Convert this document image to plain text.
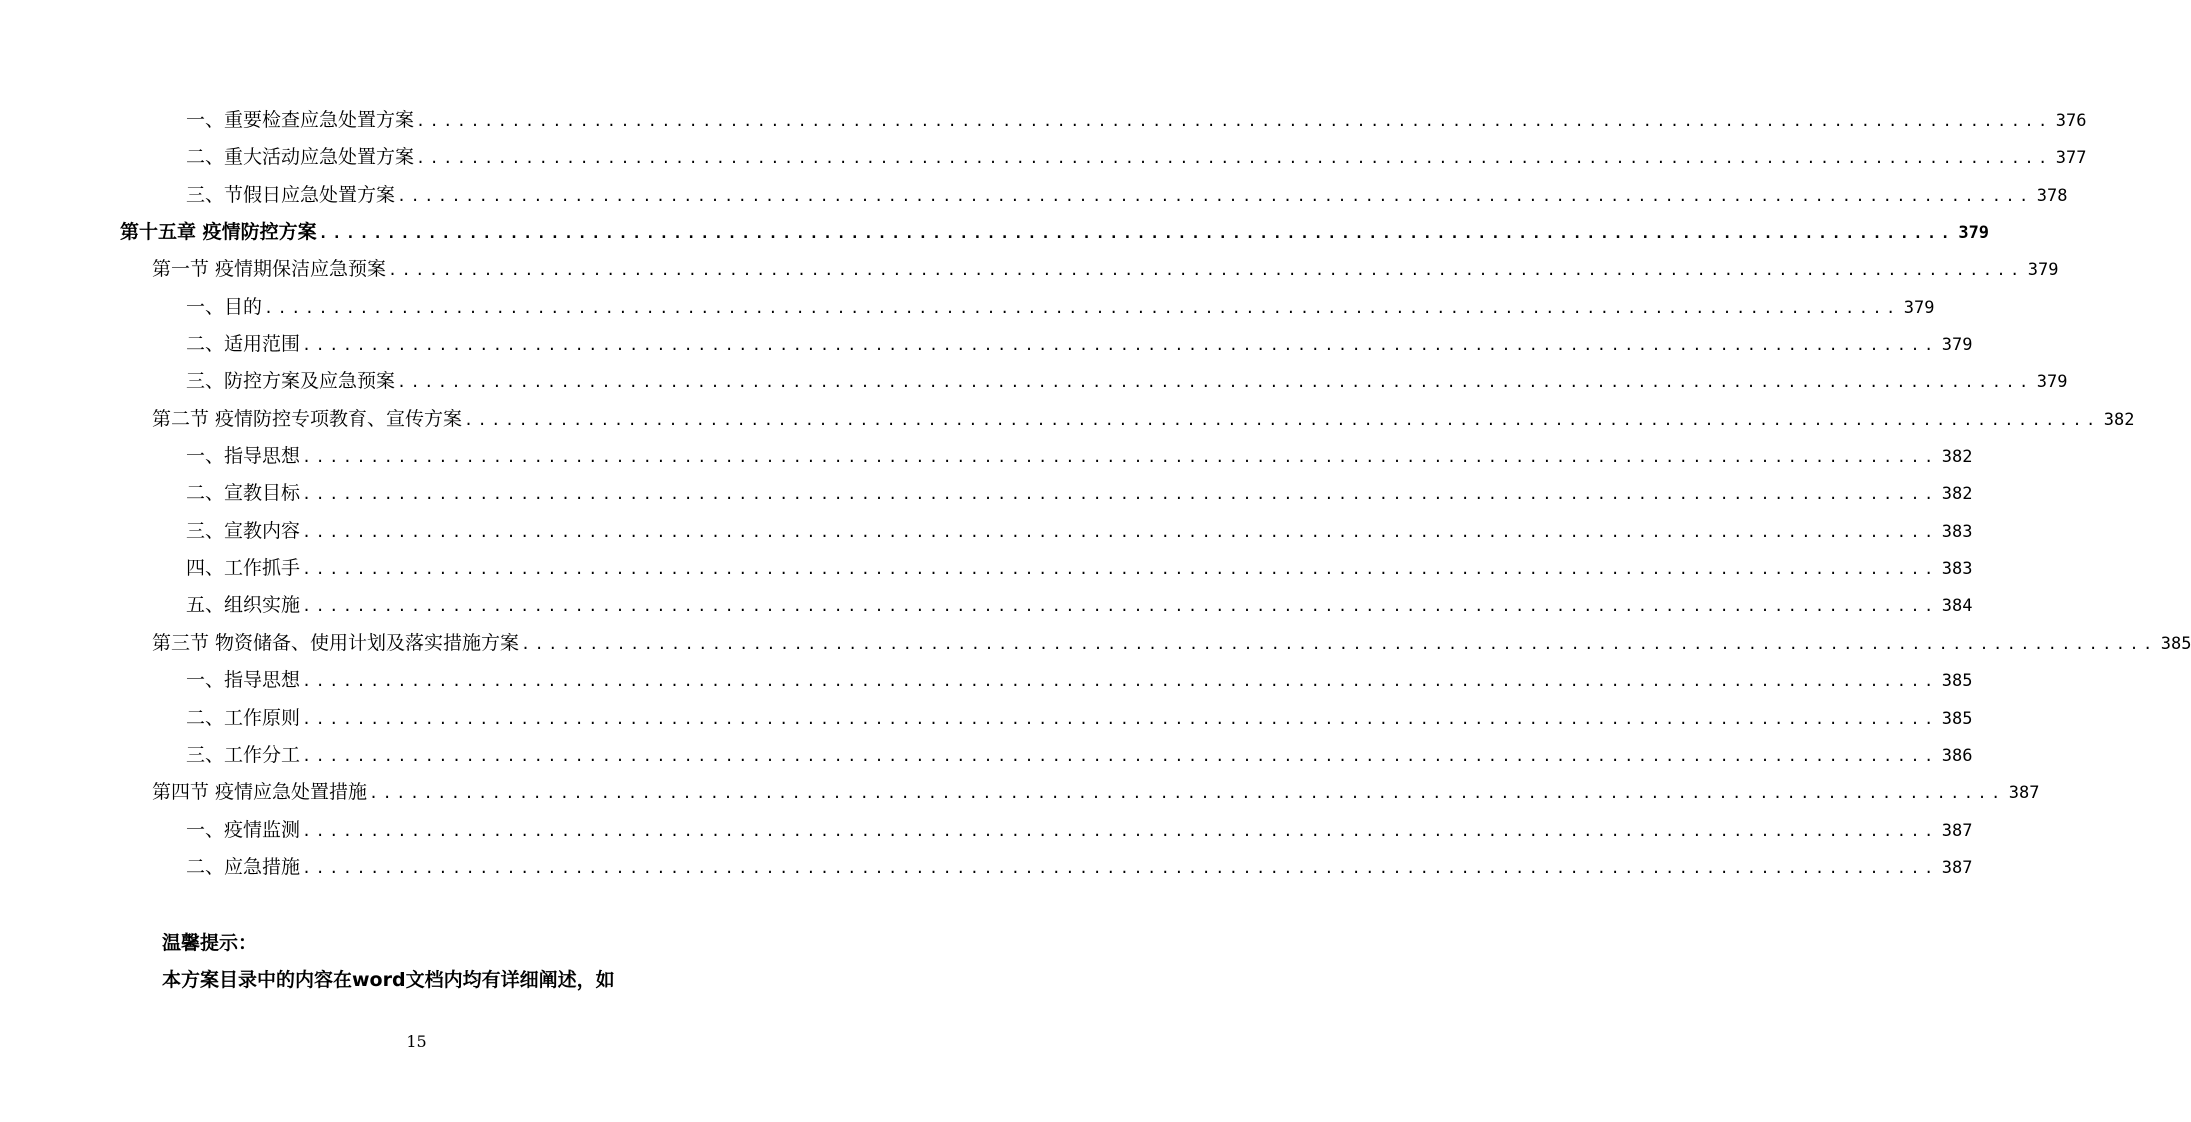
一、重要检查应急处置方案 ........................................................................................................................ 376
二、重大活动应急处置方案 ........................................................................................................................ 377
三、节假日应急处置方案 ........................................................................................................................ 378
第十五章 疫情防控方案 ........................................................................................................................ 379
第一节 疫情期保洁应急预案 ........................................................................................................................ 379
一、目的 ........................................................................................................................ 379
二、适用范围 ........................................................................................................................ 379
三、防控方案及应急预案 ........................................................................................................................ 379
第二节 疫情防控专项教育、宣传方案 ........................................................................................................................ 382
一、指导思想 ........................................................................................................................ 382
二、宣教目标 ........................................................................................................................ 382
三、宣教内容 ........................................................................................................................ 383
四、工作抓手 ........................................................................................................................ 383
五、组织实施 ........................................................................................................................ 384
第三节 物资储备、使用计划及落实措施方案 ........................................................................................................................ 385
一、指导思想 ........................................................................................................................ 385
二、工作原则 ........................................................................................................................ 385
三、工作分工 ........................................................................................................................ 386
第四节 疫情应急处置措施 ........................................................................................................................ 387
一、疫情监测 ........................................................................................................................ 387
二、应急措施 ........................................................................................................................ 387
温馨提示：
本方案目录中的内容在word文档内均有详细阐述，如
15
